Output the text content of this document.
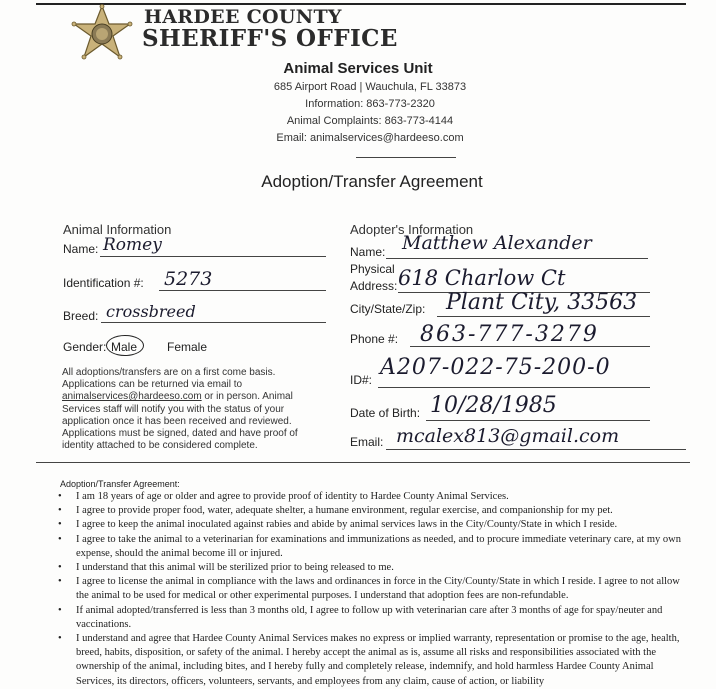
HARDEE COUNTY
SHERIFF'S OFFICE
Animal Services Unit
685 Airport Road | Wauchula, FL 33873
Information: 863-773-2320
Animal Complaints: 863-773-4144
Email: animalservices@hardeeso.com
Adoption/Transfer Agreement
Animal Information
Name: Romey
Identification #: 5273
Breed: crossbreed
Gender: Male Female
All adoptions/transfers are on a first come basis. Applications can be returned via email to animalservices@hardeeso.com or in person. Animal Services staff will notify you with the status of your application once it has been received and reviewed. Applications must be signed, dated and have proof of identity attached to be considered complete.
Adopter's Information
Name: Matthew Alexander
Physical
Address: 618 Charlow Ct
City/State/Zip: Plant City, 33563
Phone #: 863-777-3279
ID#: A207-022-75-200-0
Date of Birth: 10/28/1985
Email: mcalex813@gmail.com
Adoption/Transfer Agreement:
• I am 18 years of age or older and agree to provide proof of identity to Hardee County Animal Services.
• I agree to provide proper food, water, adequate shelter, a humane environment, regular exercise, and companionship for my pet.
• I agree to keep the animal inoculated against rabies and abide by animal services laws in the City/County/State in which I reside.
• I agree to take the animal to a veterinarian for examinations and immunizations as needed, and to procure immediate veterinary care, at my own expense, should the animal become ill or injured.
• I understand that this animal will be sterilized prior to being released to me.
• I agree to license the animal in compliance with the laws and ordinances in force in the City/County/State in which I reside. I agree to not allow the animal to be used for medical or other experimental purposes. I understand that adoption fees are non-refundable.
• If animal adopted/transferred is less than 3 months old, I agree to follow up with veterinarian care after 3 months of age for spay/neuter and vaccinations.
• I understand and agree that Hardee County Animal Services makes no express or implied warranty, representation or promise to the age, health, breed, habits, disposition, or safety of the animal. I hereby accept the animal as is, assume all risks and responsibilities associated with the ownership of the animal, including bites, and I hereby fully and completely release, indemnify, and hold harmless Hardee County Animal Services, its directors, officers, volunteers, servants, and employees from any claim, cause of action, or liability
